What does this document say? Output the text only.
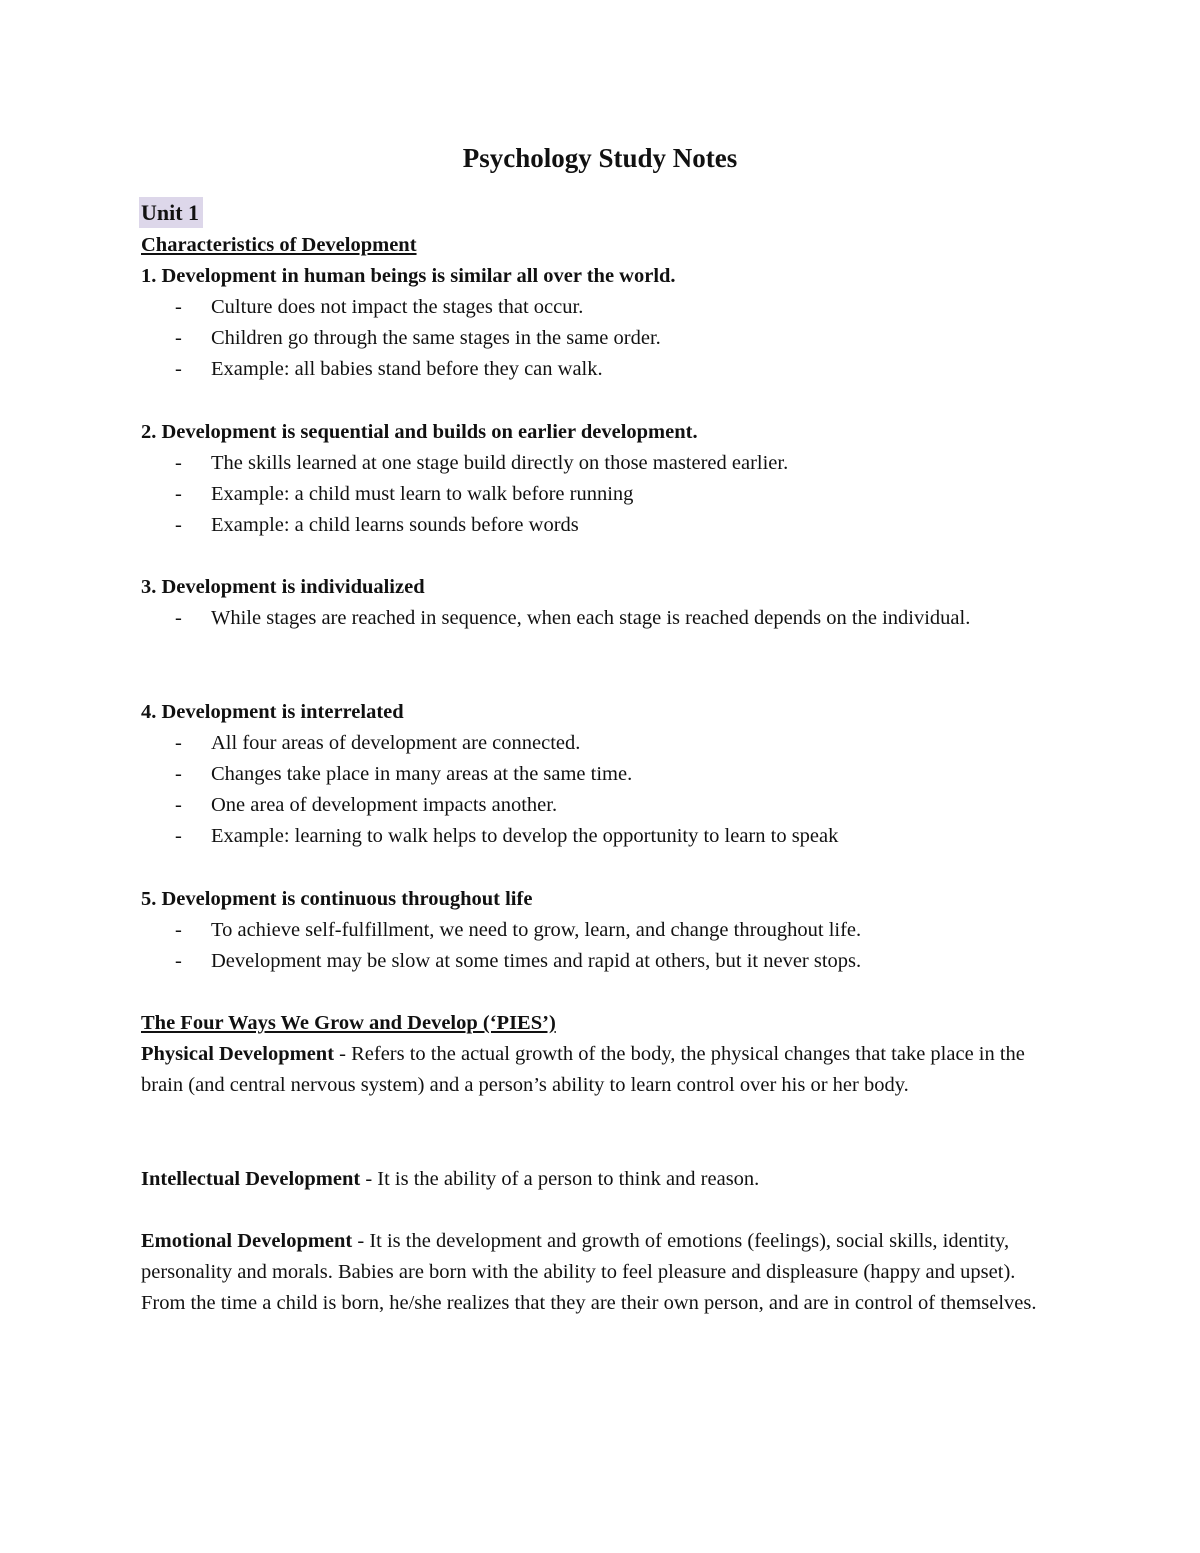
Psychology Study Notes
Unit 1
Characteristics of Development
1. Development in human beings is similar all over the world.
- Culture does not impact the stages that occur.
- Children go through the same stages in the same order.
- Example: all babies stand before they can walk.
2. Development is sequential and builds on earlier development.
- The skills learned at one stage build directly on those mastered earlier.
- Example: a child must learn to walk before running
- Example: a child learns sounds before words
3. Development is individualized
- While stages are reached in sequence, when each stage is reached depends on the individual.
4. Development is interrelated
- All four areas of development are connected.
- Changes take place in many areas at the same time.
- One area of development impacts another.
- Example: learning to walk helps to develop the opportunity to learn to speak
5. Development is continuous throughout life
- To achieve self-fulfillment, we need to grow, learn, and change throughout life.
- Development may be slow at some times and rapid at others, but it never stops.
The Four Ways We Grow and Develop (‘PIES’)
Physical Development - Refers to the actual growth of the body, the physical changes that take place in the brain (and central nervous system) and a person’s ability to learn control over his or her body.
Intellectual Development - It is the ability of a person to think and reason.
Emotional Development - It is the development and growth of emotions (feelings), social skills, identity, personality and morals. Babies are born with the ability to feel pleasure and displeasure (happy and upset). From the time a child is born, he/she realizes that they are their own person, and are in control of themselves.
